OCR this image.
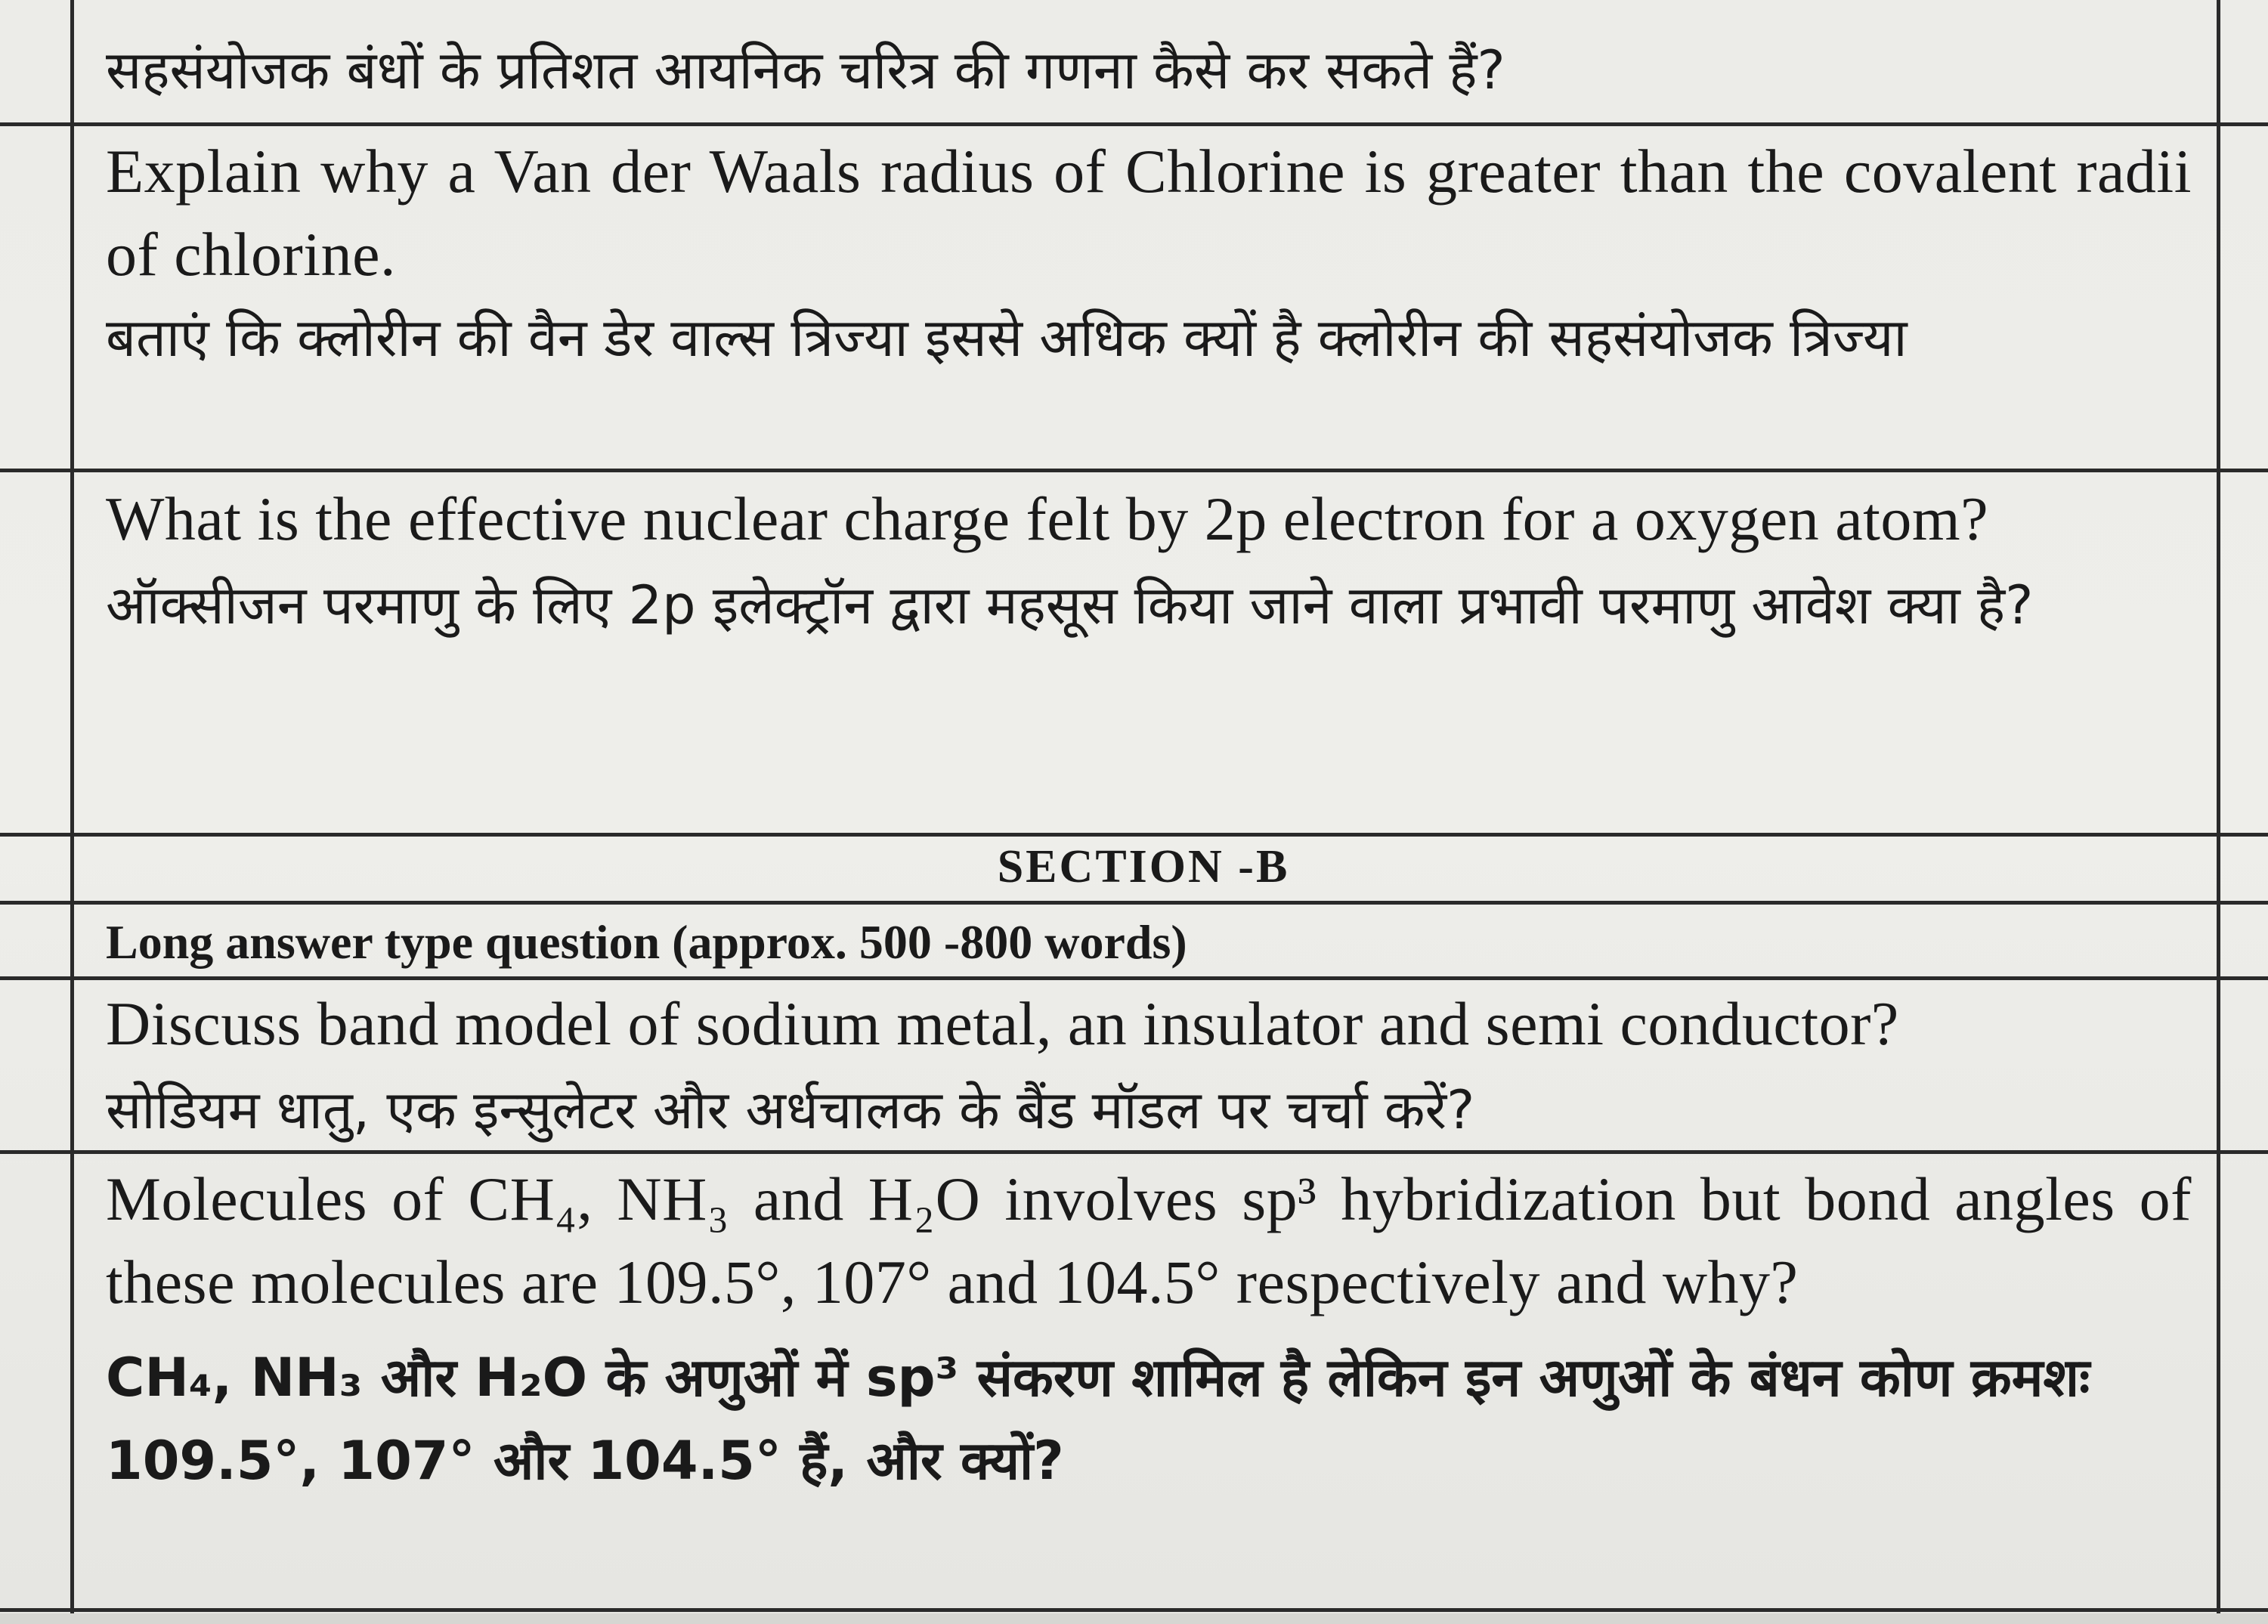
सहसंयोजक बंधों के प्रतिशत आयनिक चरित्र की गणना कैसे कर सकते हैं?

Explain why a Van der Waals radius of Chlorine is greater than the covalent radii of chlorine.

बताएं कि क्लोरीन की वैन डेर वाल्स त्रिज्या इससे अधिक क्यों है क्लोरीन की सहसंयोजक त्रिज्या

What is the effective nuclear charge felt by 2p electron for a oxygen atom?

ऑक्सीजन परमाणु के लिए 2p इलेक्ट्रॉन द्वारा महसूस किया जाने वाला प्रभावी परमाणु आवेश क्या है?

SECTION -B

Long answer type question (approx. 500 -800 words)

Discuss band model of sodium metal, an insulator and semi conductor?

सोडियम धातु, एक इन्सुलेटर और अर्धचालक के बैंड मॉडल पर चर्चा करें?

Molecules of CH₄, NH₃ and H₂O involves sp³ hybridization but bond angles of these molecules are 109.5°, 107° and 104.5° respectively and why?

CH₄, NH₃ और H₂O के अणुओं में sp³ संकरण शामिल है लेकिन इन अणुओं के बंधन कोण क्रमशः 109.5°, 107° और 104.5° हैं, और क्यों?
